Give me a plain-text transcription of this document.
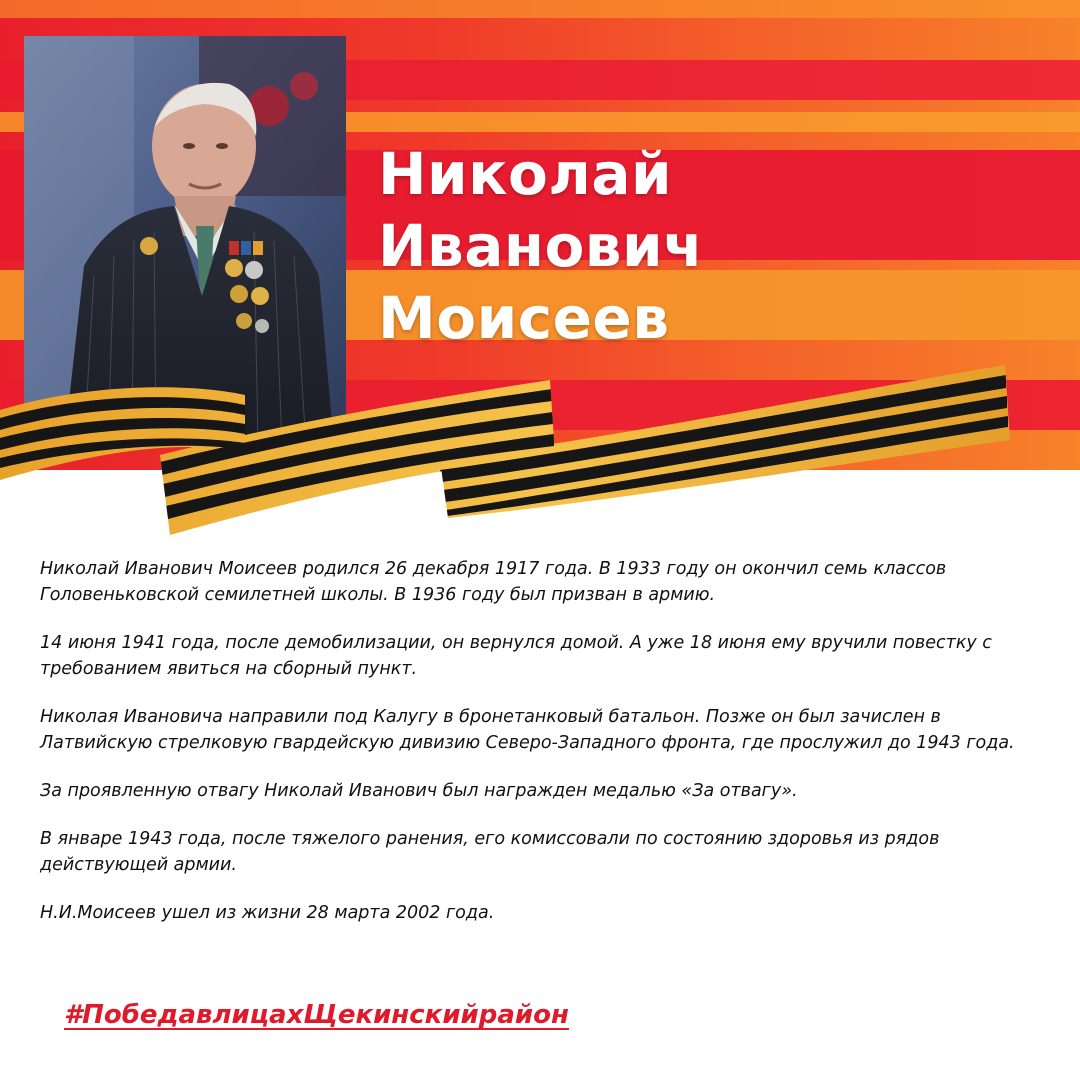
Николай
Иванович
Моисеев

Николай Иванович Моисеев родился 26 декабря 1917 года. В 1933 году он окончил семь классов Головеньковской семилетней школы. В 1936 году был призван в армию.

14 июня 1941 года, после демобилизации, он вернулся домой. А уже 18 июня ему вручили повестку с требованием явиться на сборный пункт.

Николая Ивановича направили под Калугу в бронетанковый батальон. Позже он был зачислен в Латвийскую стрелковую гвардейскую дивизию Северо-Западного фронта, где прослужил до 1943 года.

За проявленную отвагу Николай Иванович был награжден медалью «За отвагу».

В январе 1943 года, после тяжелого ранения, его комиссовали по состоянию здоровья из рядов действующей армии.

Н.И.Моисеев ушел из жизни 28 марта 2002 года.

#ПобедавлицахЩекинскийрайон
